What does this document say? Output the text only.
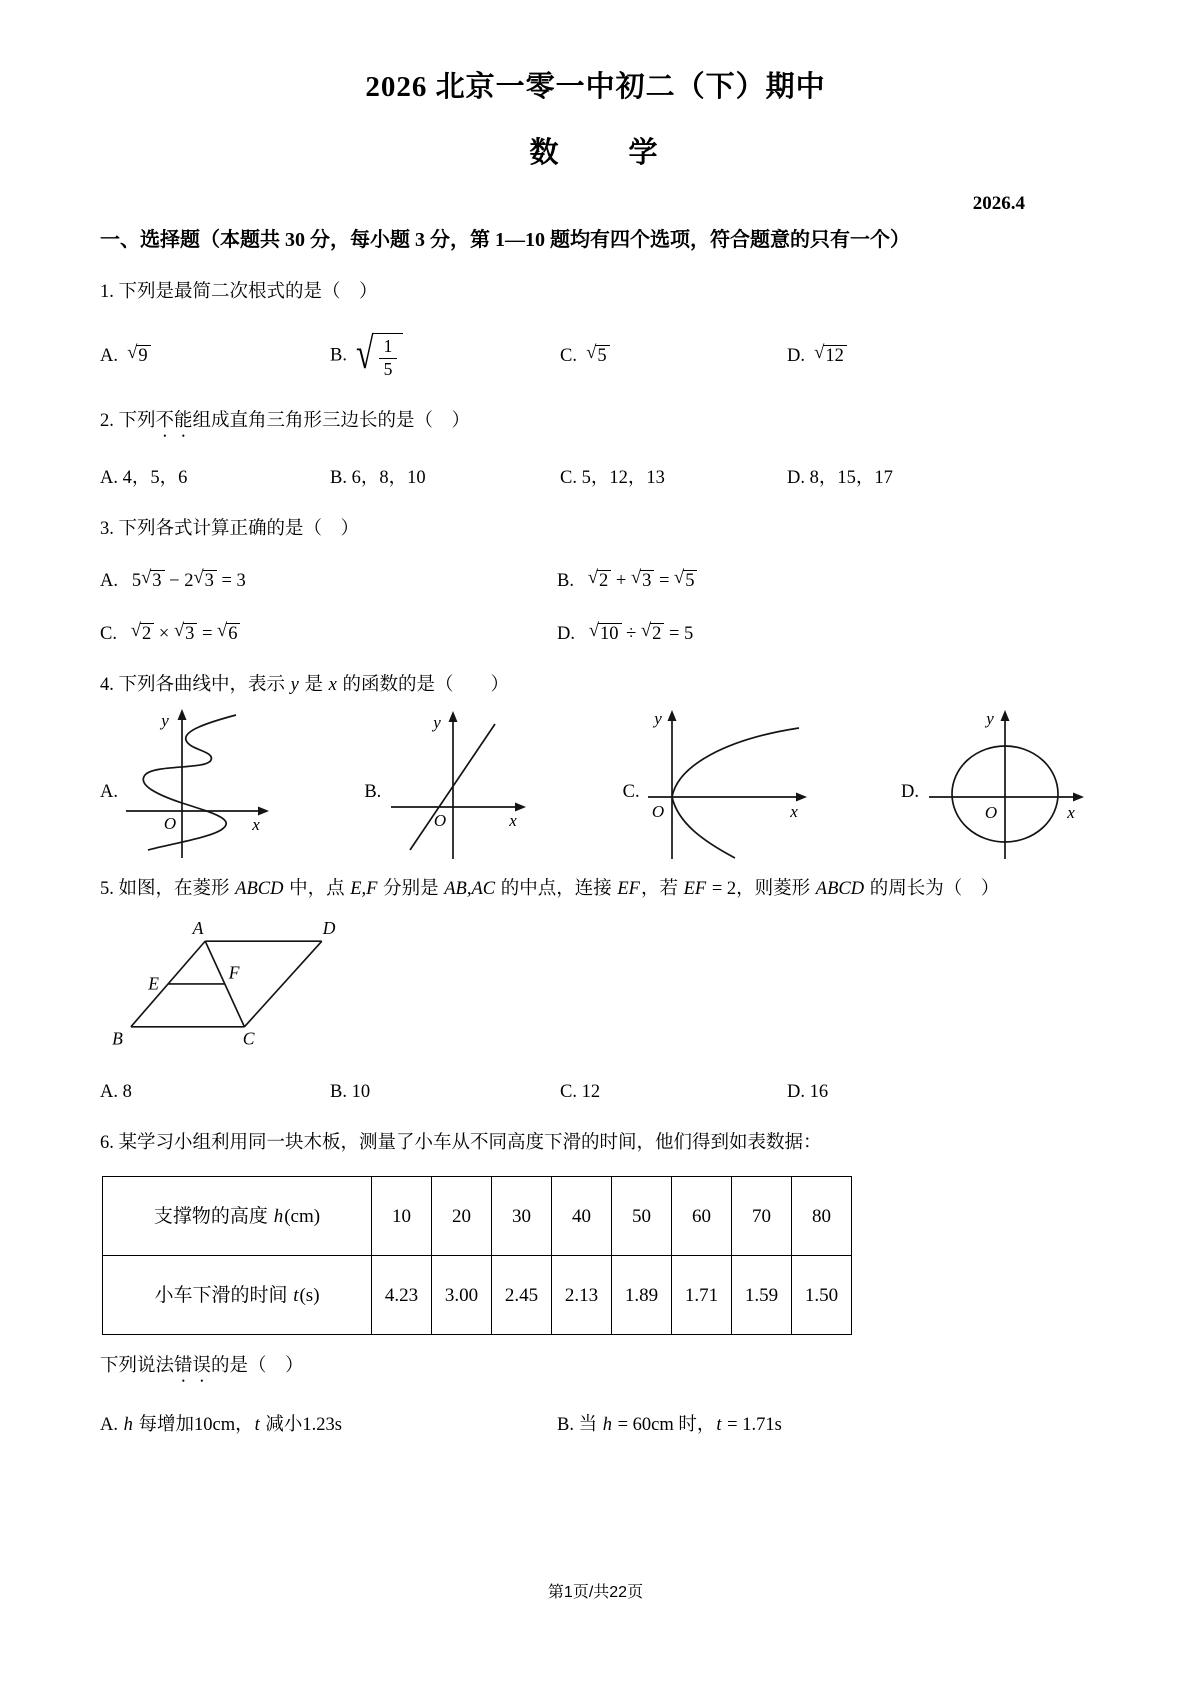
2026 北京一零一中初二（下）期中
数　　学
2026.4
一、选择题（本题共 30 分，每小题 3 分，第 1—10 题均有四个选项，符合题意的只有一个）

1. 下列是最简二次根式的是（　）

A. √9	B.  √ $\frac{1}{5}$	C. √5	D. √12

2. 下列不能组成直角三角形三边长的是（　）

A. 4，5，6	B. 6，8，10	C. 5，12，13	D. 8，15，17

3. 下列各式计算正确的是（　）

A.  5√3 − 2√3 = 3	B.  √2 + √3 = √5
C.  √2 × √3 = √6	D.  √10 ÷ √2 = 5

4. 下列各曲线中，表示 y 是 x 的函数的是（　　）

A.
y
O	x
B.
y
O	x
C.
y
O	x
D.
y
O	x

5. 如图，在菱形 ABCD 中，点 E,F 分别是 AB,AC 的中点，连接 EF，若 EF = 2，则菱形 ABCD 的周长为（　）

A	D
B	C
E
F
A. 8	B. 10	C. 12	D. 16

6. 某学习小组利用同一块木板，测量了小车从不同高度下滑的时间，他们得到如表数据：

支撑物的高度 h(cm)	10	20	30	40	50	60	70	80
小车下滑的时间 t(s)	4.23	3.00	2.45	2.13	1.89	1.71	1.59	1.50

下列说法错误的是（　）

A. h 每增加10cm，t 减小1.23s	B. 当 h = 60cm 时，t = 1.71s
第1页/共22页
